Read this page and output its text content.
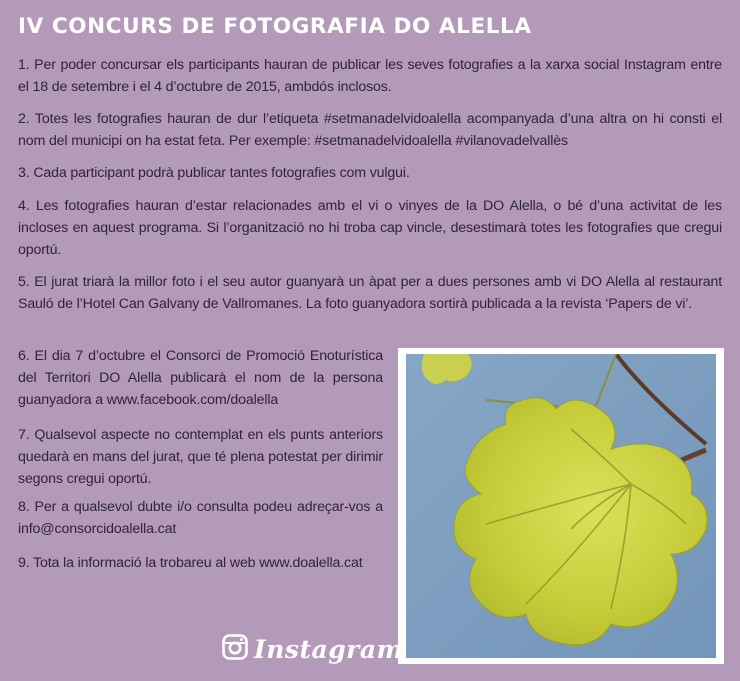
IV CONCURS DE FOTOGRAFIA DO ALELLA
1. Per poder concursar els participants hauran de publicar les seves fotografies a la xarxa social Instagram entre el 18 de setembre i el 4 d’octubre de 2015, ambdós inclosos.
2. Totes les fotografies hauran de dur l’etiqueta #setmanadelvidoalella acompanyada d’una altra on hi consti el nom del municipi on ha estat feta. Per exemple: #setmanadelvidoalella #vilanovadelvallès
3. Cada participant podrà publicar tantes fotografies com vulgui.
4. Les fotografies hauran d’estar relacionades amb el vi o vinyes de la DO Alella, o bé d’una activitat de les incloses en aquest programa. Si l’organització no hi troba cap vincle, desestimarà totes les fotografies que cregui oportú.
5. El jurat triarà la millor foto i el seu autor guanyarà un àpat per a dues persones amb vi DO Alella al restaurant Sauló de l’Hotel Can Galvany de Vallromanes. La foto guanyadora sortirà publicada a la revista ‘Papers de vi’.
6. El dia 7 d’octubre el Consorci de Promoció Enoturística del Territori DO Alella publicarà el nom de la persona guanyadora a www.facebook.com/doalella
7. Qualsevol aspecte no contemplat en els punts anteriors quedarà en mans del jurat, que té plena potestat per dirimir segons cregui oportú.
8. Per a qualsevol dubte i/o consulta podeu adreçar-vos a info@consorcidoalella.cat
9. Tota la informació la trobareu al web www.doalella.cat
Instagram
